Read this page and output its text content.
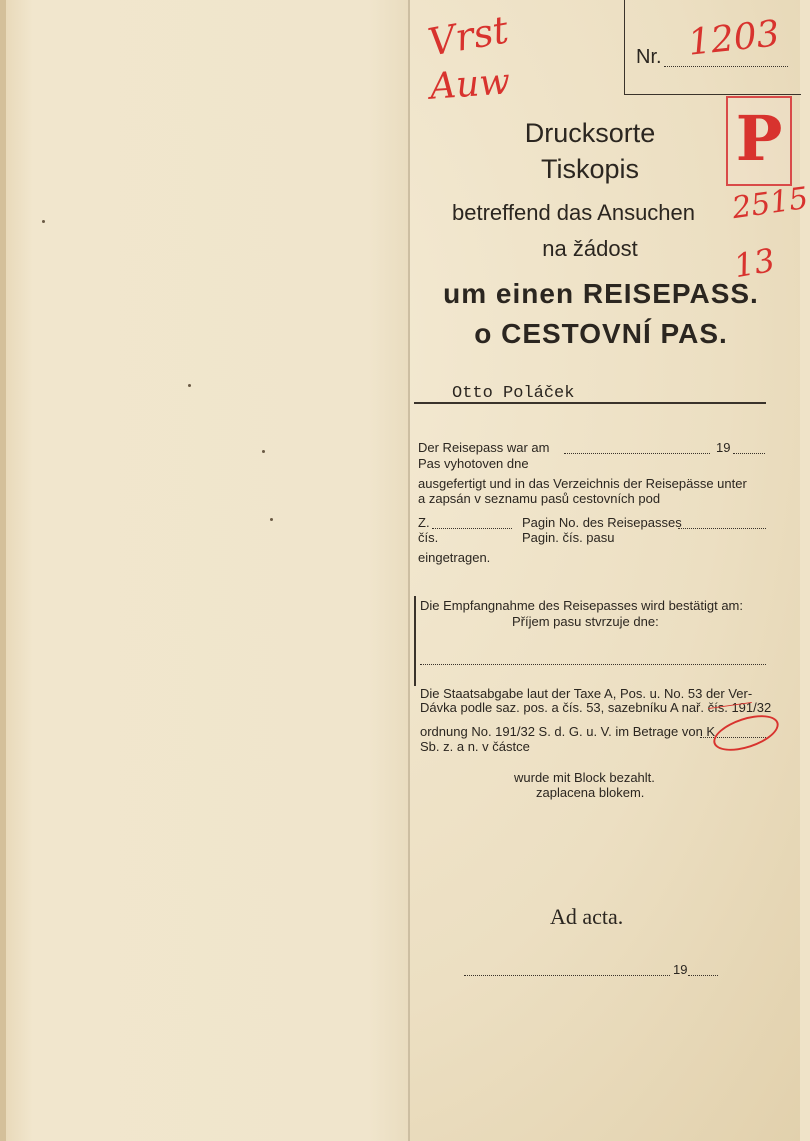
Nr. 1203
P
Vrst
Auw
2515
13
Drucksorte
Tiskopis
betreffend das Ansuchen
na žádost
um einen REISEPASS.
o CESTOVNÍ PAS.
Otto Poláček
Der Reisepass war am	19
Pas vyhotoven dne
ausgefertigt und in das Verzeichnis der Reisepässe unter
a zapsán v seznamu pasů cestovních pod
Z.	Pagin No. des Reisepasses
čís.	Pagin. čís. pasu
eingetragen.
Die Empfangnahme des Reisepasses wird bestätigt am:
Příjem pasu stvrzuje dne:
Die Staatsabgabe laut der Taxe A, Pos. u. No. 53 der Ver-
Dávka podle saz. pos. a čís. 53, sazebníku A nař. čís. 191/32
ordnung No. 191/32 S. d. G. u. V. im Betrage von K
Sb. z. a n. v částce
wurde mit Block bezahlt.
zaplacena blokem.
Ad acta.
19
